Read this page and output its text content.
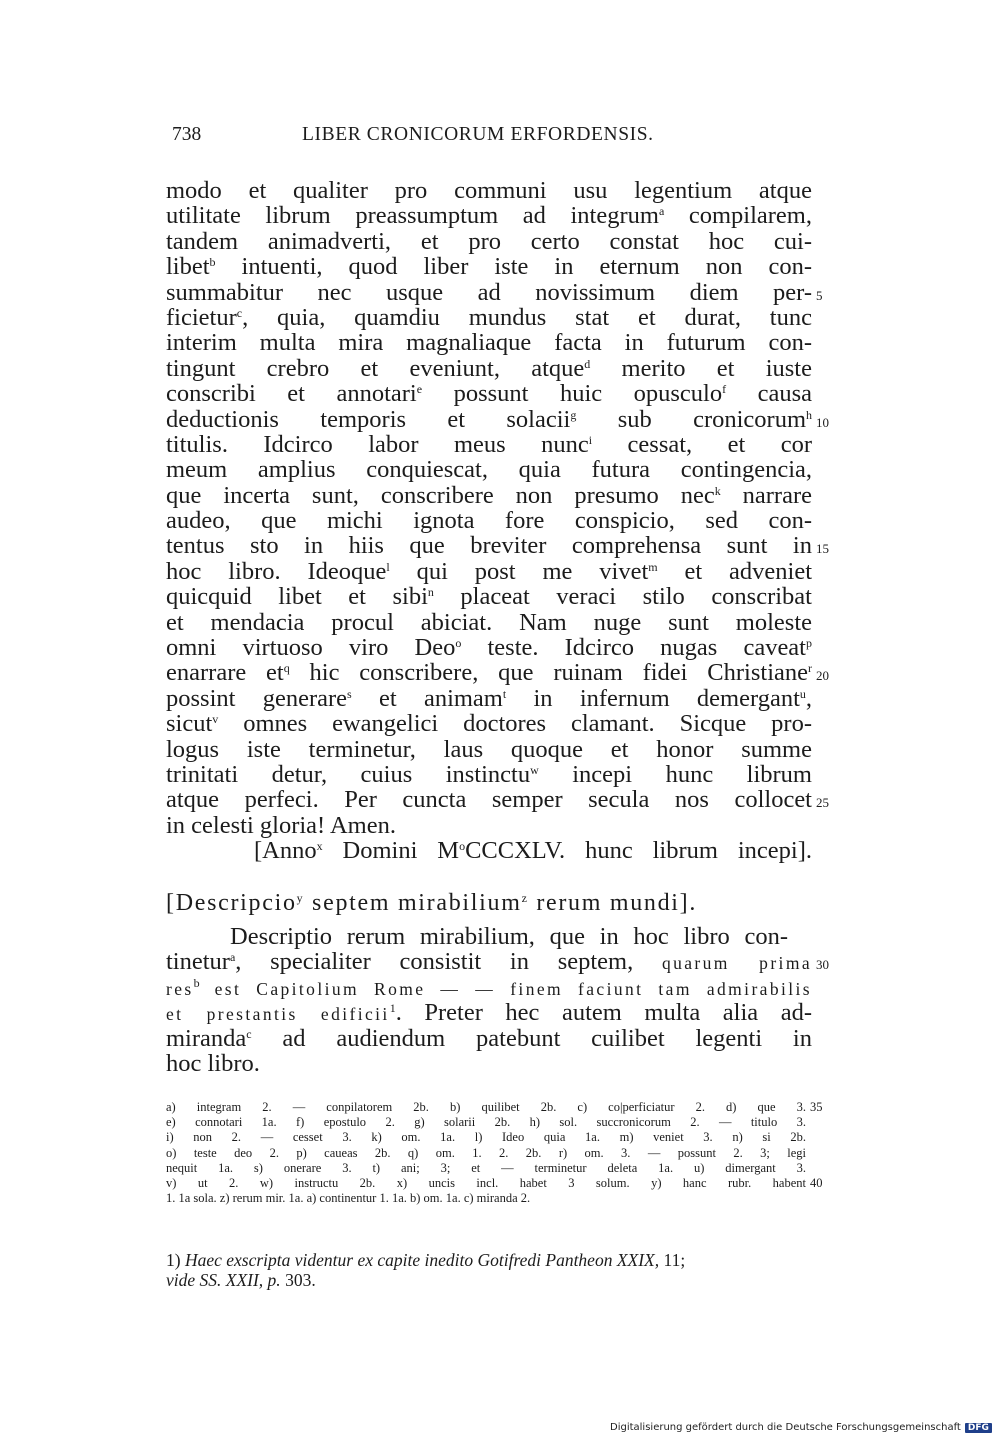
738	LIBER CRONICORUM ERFORDENSIS.
modo et qualiter pro communi usu legentium atque
utilitate librum preassumptum ad integrum$^a$ compilarem,
tandem animadverti, et pro certo constat hoc cui-
libet$^b$ intuenti, quod liber iste in eternum non con-
summabitur nec usque ad novissimum diem per- 5
ficietur$^c$, quia, quamdiu mundus stat et durat, tunc
interim multa mira magnaliaque facta in futurum con-
tingunt crebro et eveniunt, atque$^d$ merito et iuste
conscribi et annotari$^e$ possunt huic opusculo$^f$ causa
deductionis temporis et solacii$^g$ sub cronicorum$^h$ 10
titulis. Idcirco labor meus nunc$^i$ cessat, et cor
meum amplius conquiescat, quia futura contingencia,
que incerta sunt, conscribere non presumo nec$^k$ narrare
audeo, que michi ignota fore conspicio, sed con-
tentus sto in hiis que breviter comprehensa sunt in 15
hoc libro. Ideoque$^l$ qui post me vivet$^m$ et adveniet
quicquid libet et sibi$^n$ placeat veraci stilo conscribat
et mendacia procul abiciat. Nam nuge sunt moleste
omni virtuoso viro Deo$^o$ teste. Idcirco nugas caveat$^p$
enarrare $et^q$ hic conscribere, que ruinam fidei Christiane$^r$ 20
possint generare$^s$ et animam$^t$ in infernum demergant$^u$,
sicut$^v$ omnes ewangelici doctores clamant. Sicque pro-
logus iste terminetur, laus quoque et honor summe
trinitati detur, cuius instinctu$^w$ incepi hunc librum
atque perfeci. Per cuncta semper secula nos collocet 25
in celesti gloria! Amen.
[Anno$^x$ Domini $M^oCCCXLV$. hunc librum incepi].
[Descripcio$^y$ septem mirabilium$^z$ rerum mundi].
Descriptio rerum mirabilium, que in hoc libro con-
tinetur$^a$, specialiter consistit in septem, quarum prima 30
res$^b$ est Capitolium Rome — — finem faciunt tam admirabilis
et prestantis edificii$^1$. Preter hec autem multa alia ad-
miranda$^c$ ad audiendum patebunt cuilibet legenti in
hoc libro.
a) integram 2. — conpilatorem 2b. b) quilibet 2b. c) co|perficiatur 2. d) que 3. 35
e) connotari 1a. f) epostulo 2. g) solarii 2b. h) sol. succronicorum 2. — titulo 3.
i) non 2. — cesset 3. k) om. 1a. l) Ideo quia 1a. m) veniet 3. n) si 2b.
o) teste deo 2. p) caueas 2b. q) om. 1. 2. 2b. r) om. 3. — possunt 2. 3; legi
nequit 1a. s) onerare 3. t) ani; 3; et — terminetur deleta 1a. u) dimergant 3.
v) ut 2. w) instructu 2b. x) uncis incl. habet 3 solum. y) hanc rubr. habent 40
1. 1a sola. z) rerum mir. 1a. a) continentur 1. 1a. b) om. 1a. c) miranda 2.
1) Haec exscripta videntur ex capite inedito Gotifredi Pantheon XXIX, 11;
vide SS. XXII, p. 303.
Digitalisierung gefördert durch die Deutsche Forschungsgemeinschaft DFG
